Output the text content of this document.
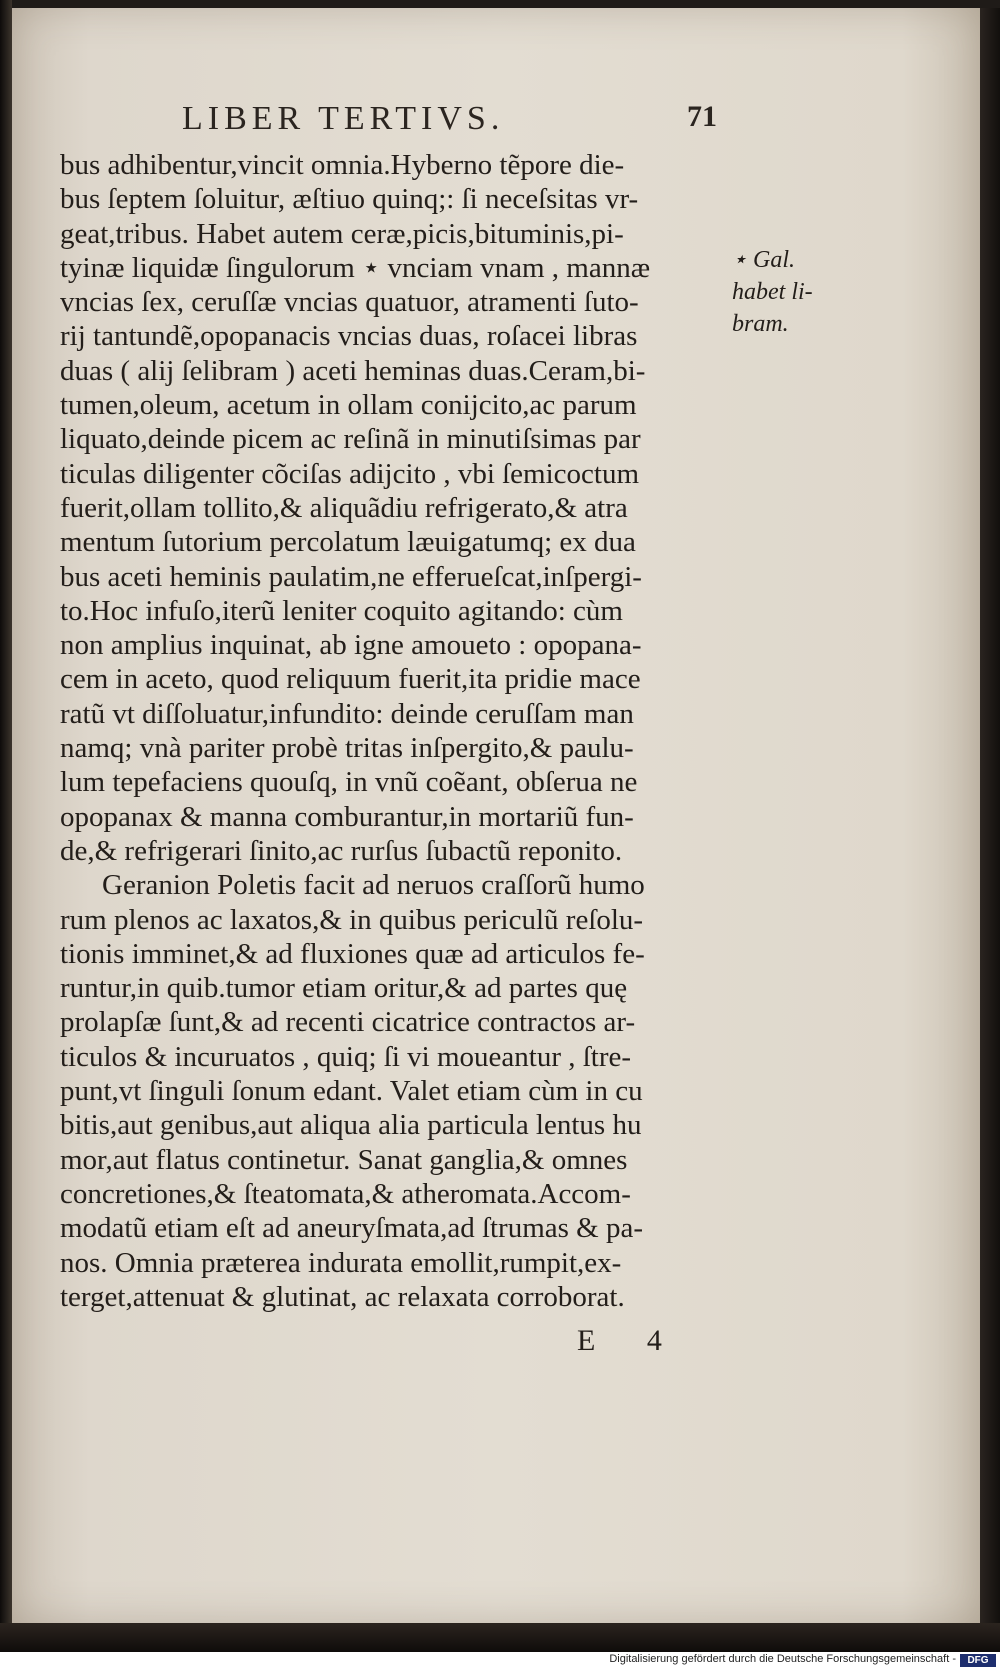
LIBER TERTIVS.	71
bus adhibentur,vincit omnia.Hyberno tẽpore die-
bus ſeptem ſoluitur, æſtiuo quinq;: ſi neceſsitas vr-
geat,tribus. Habet autem ceræ,picis,bituminis,pi-
tyinæ liquidæ ſingulorum ⋆ vnciam vnam , mannæ
vncias ſex, ceruſſæ vncias quatuor, atramenti ſuto-
rij tantundẽ,opopanacis vncias duas, roſacei libras
duas ( alij ſelibram ) aceti heminas duas.Ceram,bi-
tumen,oleum, acetum in ollam conijcito,ac parum
liquato,deinde picem ac reſinã in minutiſsimas par
ticulas diligenter cõciſas adijcito , vbi ſemicoctum
fuerit,ollam tollito,& aliquãdiu refrigerato,& atra
mentum ſutorium percolatum læuigatumq; ex dua
bus aceti heminis paulatim,ne efferueſcat,inſpergi-
to.Hoc infuſo,iterũ leniter coquito agitando: cùm
non amplius inquinat, ab igne amoueto : opopana-
cem in aceto, quod reliquum fuerit,ita pridie mace
ratũ vt diſſoluatur,infundito: deinde ceruſſam man
namq; vnà pariter probè tritas inſpergito,& paulu-
lum tepefaciens quouſq, in vnũ coẽant, obſerua ne
opopanax & manna comburantur,in mortariũ fun-
de,& refrigerari ſinito,ac rurſus ſubactũ reponito.
Geranion Poletis facit ad neruos craſſorũ humo
rum plenos ac laxatos,& in quibus periculũ reſolu-
tionis imminet,& ad fluxiones quæ ad articulos fe-
runtur,in quib.tumor etiam oritur,& ad partes quę
prolapſæ ſunt,& ad recenti cicatrice contractos ar-
ticulos & incuruatos , quiq; ſi vi moueantur , ſtre-
punt,vt ſinguli ſonum edant. Valet etiam cùm in cu
bitis,aut genibus,aut aliqua alia particula lentus hu
mor,aut flatus continetur. Sanat ganglia,& omnes
concretiones,& ſteatomata,& atheromata.Accom-
modatũ etiam eſt ad aneuryſmata,ad ſtrumas & pa-
nos. Omnia præterea indurata emollit,rumpit,ex-
terget,attenuat & glutinat, ac relaxata corroborat.
⋆ Gal.
habet li-
bram.
E 4
Digitalisierung gefördert durch die Deutsche Forschungsgemeinschaft -	DFG
